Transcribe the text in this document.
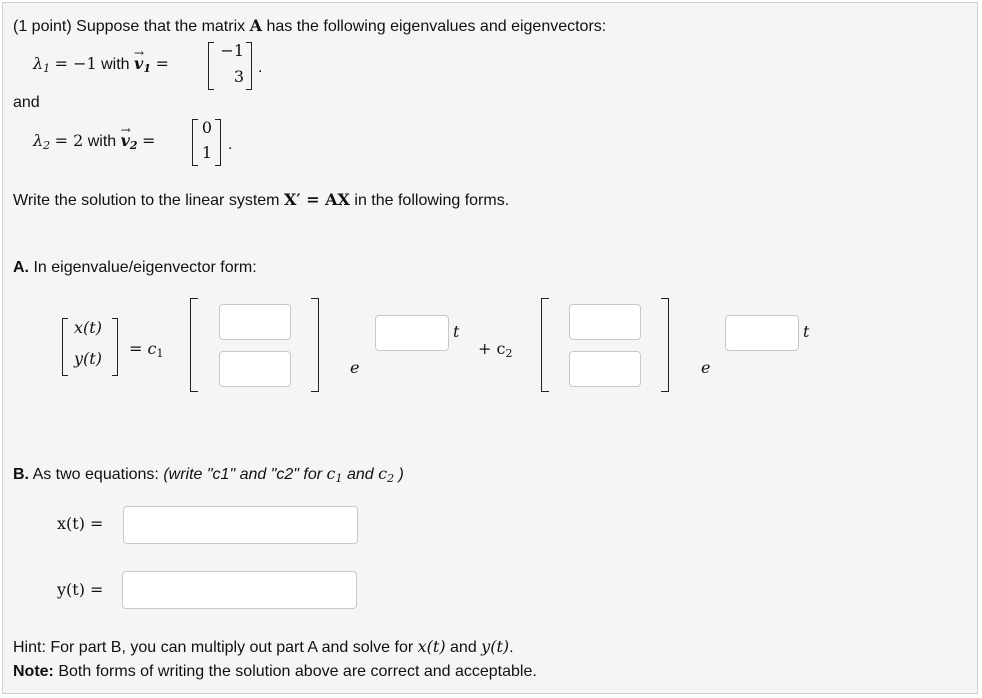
(1 point) Suppose that the matrix A has the following eigenvalues and eigenvectors:
$\lambda_1 = -1$ with → $v_1$ =
−1
3 .
and
$\lambda_2 = 2$ with → $v_2$ =
0
1 .
Write the solution to the linear system X′ = AX in the following forms.
A. In eigenvalue/eigenvector form:
x(t)
y(t)
= $c_1$
e
t
+ $c_2$
e
t
B. As two equations: (write "c1" and "c2" for $c_1$ and $c_2$ )
x(t) =
y(t) =
Hint: For part B, you can multiply out part A and solve for x(t) and y(t).
Note: Both forms of writing the solution above are correct and acceptable.
